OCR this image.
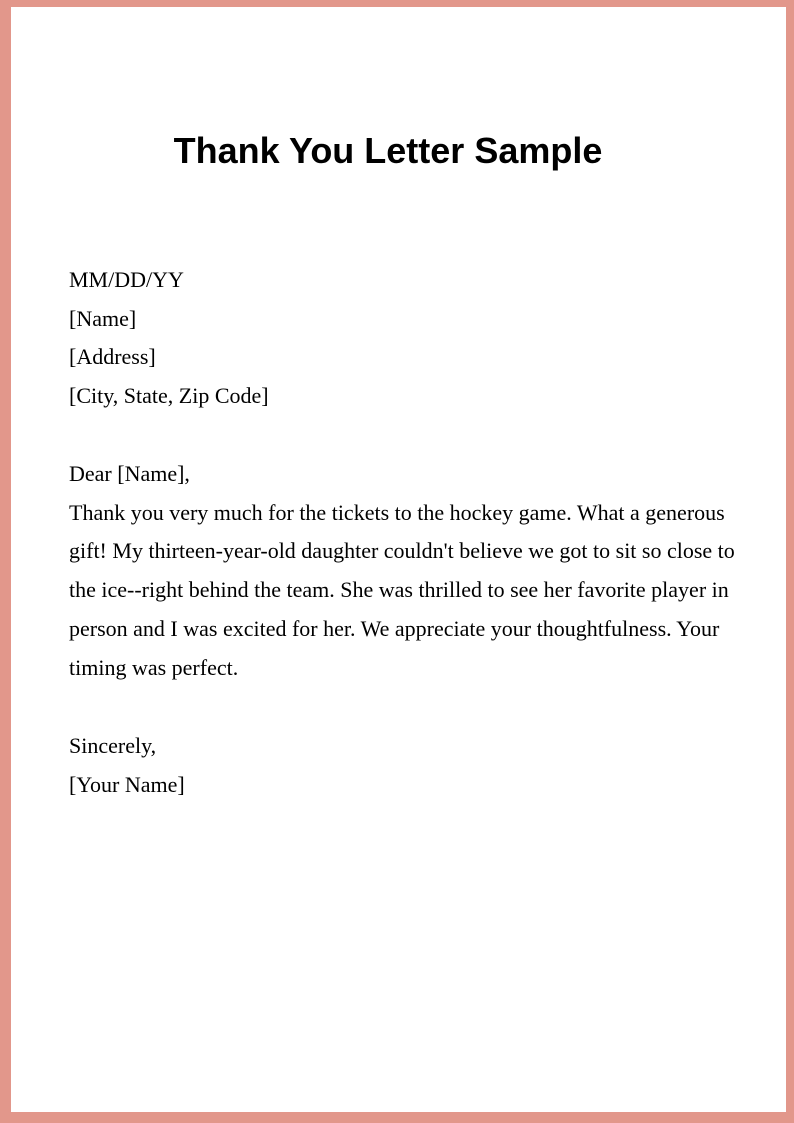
Thank You Letter Sample
MM/DD/YY
[Name]
[Address]
[City, State, Zip Code]
Dear [Name],

Thank you very much for the tickets to the hockey game. What a generous gift! My thirteen-year-old daughter couldn't believe we got to sit so close to the ice--right behind the team. She was thrilled to see her favorite player in person and I was excited for her. We appreciate your thoughtfulness. Your timing was perfect.

Sincerely,
[Your Name]
